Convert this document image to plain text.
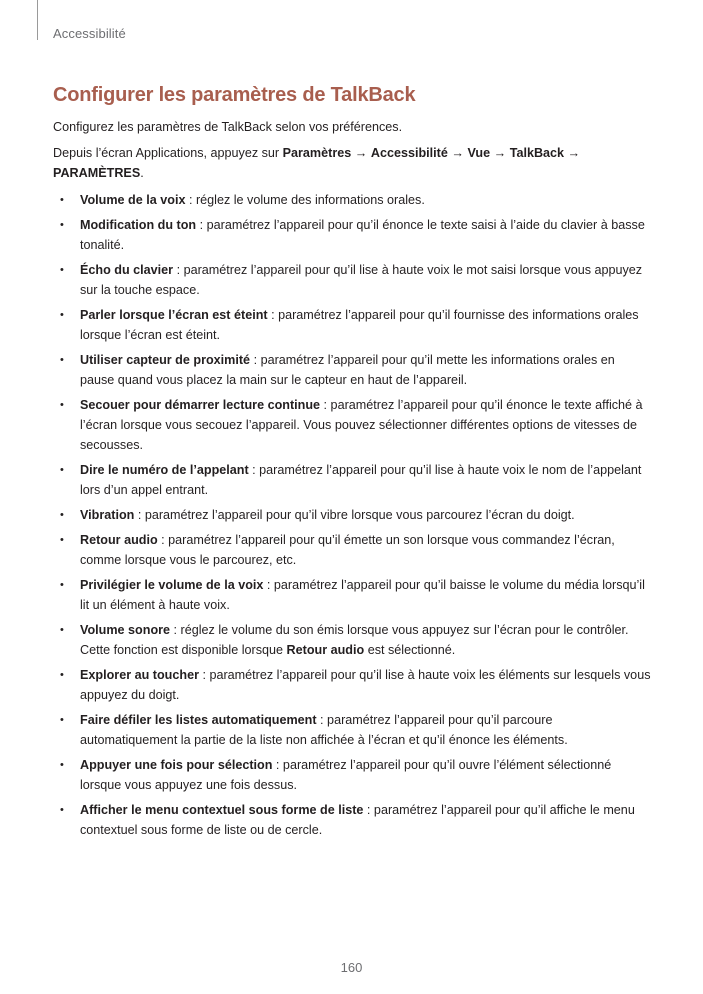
Accessibilité
Configurer les paramètres de TalkBack

Configurez les paramètres de TalkBack selon vos préférences.

Depuis l’écran Applications, appuyez sur Paramètres → Accessibilité → Vue → TalkBack → PARAMÈTRES.

• Volume de la voix : réglez le volume des informations orales.
• Modification du ton : paramétrez l’appareil pour qu’il énonce le texte saisi à l’aide du clavier à basse tonalité.
• Écho du clavier : paramétrez l’appareil pour qu’il lise à haute voix le mot saisi lorsque vous appuyez sur la touche espace.
• Parler lorsque l’écran est éteint : paramétrez l’appareil pour qu’il fournisse des informations orales lorsque l’écran est éteint.
• Utiliser capteur de proximité : paramétrez l’appareil pour qu’il mette les informations orales en pause quand vous placez la main sur le capteur en haut de l’appareil.
• Secouer pour démarrer lecture continue : paramétrez l’appareil pour qu’il énonce le texte affiché à l’écran lorsque vous secouez l’appareil. Vous pouvez sélectionner différentes options de vitesses de secousses.
• Dire le numéro de l’appelant : paramétrez l’appareil pour qu’il lise à haute voix le nom de l’appelant lors d’un appel entrant.
• Vibration : paramétrez l’appareil pour qu’il vibre lorsque vous parcourez l’écran du doigt.
• Retour audio : paramétrez l’appareil pour qu’il émette un son lorsque vous commandez l’écran, comme lorsque vous le parcourez, etc.
• Privilégier le volume de la voix : paramétrez l’appareil pour qu’il baisse le volume du média lorsqu’il lit un élément à haute voix.
• Volume sonore : réglez le volume du son émis lorsque vous appuyez sur l’écran pour le contrôler. Cette fonction est disponible lorsque Retour audio est sélectionné.
• Explorer au toucher : paramétrez l’appareil pour qu’il lise à haute voix les éléments sur lesquels vous appuyez du doigt.
• Faire défiler les listes automatiquement : paramétrez l’appareil pour qu’il parcoure automatiquement la partie de la liste non affichée à l’écran et qu’il énonce les éléments.
• Appuyer une fois pour sélection : paramétrez l’appareil pour qu’il ouvre l’élément sélectionné lorsque vous appuyez une fois dessus.
• Afficher le menu contextuel sous forme de liste : paramétrez l’appareil pour qu’il affiche le menu contextuel sous forme de liste ou de cercle.
160
